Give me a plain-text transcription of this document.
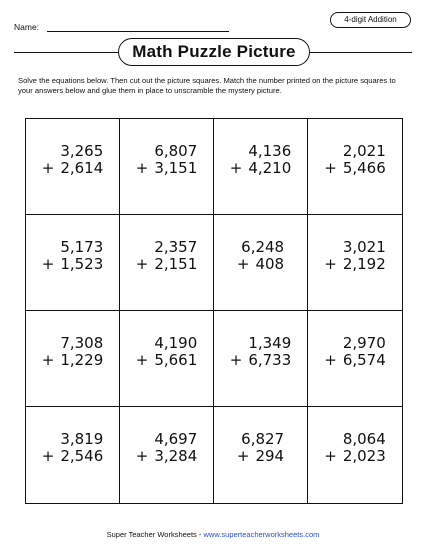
Name:
4-digit Addition
Math Puzzle Picture
Solve the equations below. Then cut out the picture squares. Match the number printed on the picture squares to your answers below and glue them in place to unscramble the mystery picture.
3,265
+ 2,614
6,807
+ 3,151
4,136
+ 4,210
2,021
+ 5,466
5,173
+ 1,523
2,357
+ 2,151
6,248
+ 408
3,021
+ 2,192
7,308
+ 1,229
4,190
+ 5,661
1,349
+ 6,733
2,970
+ 6,574
3,819
+ 2,546
4,697
+ 3,284
6,827
+ 294
8,064
+ 2,023
Super Teacher Worksheets - www.superteacherworksheets.com
